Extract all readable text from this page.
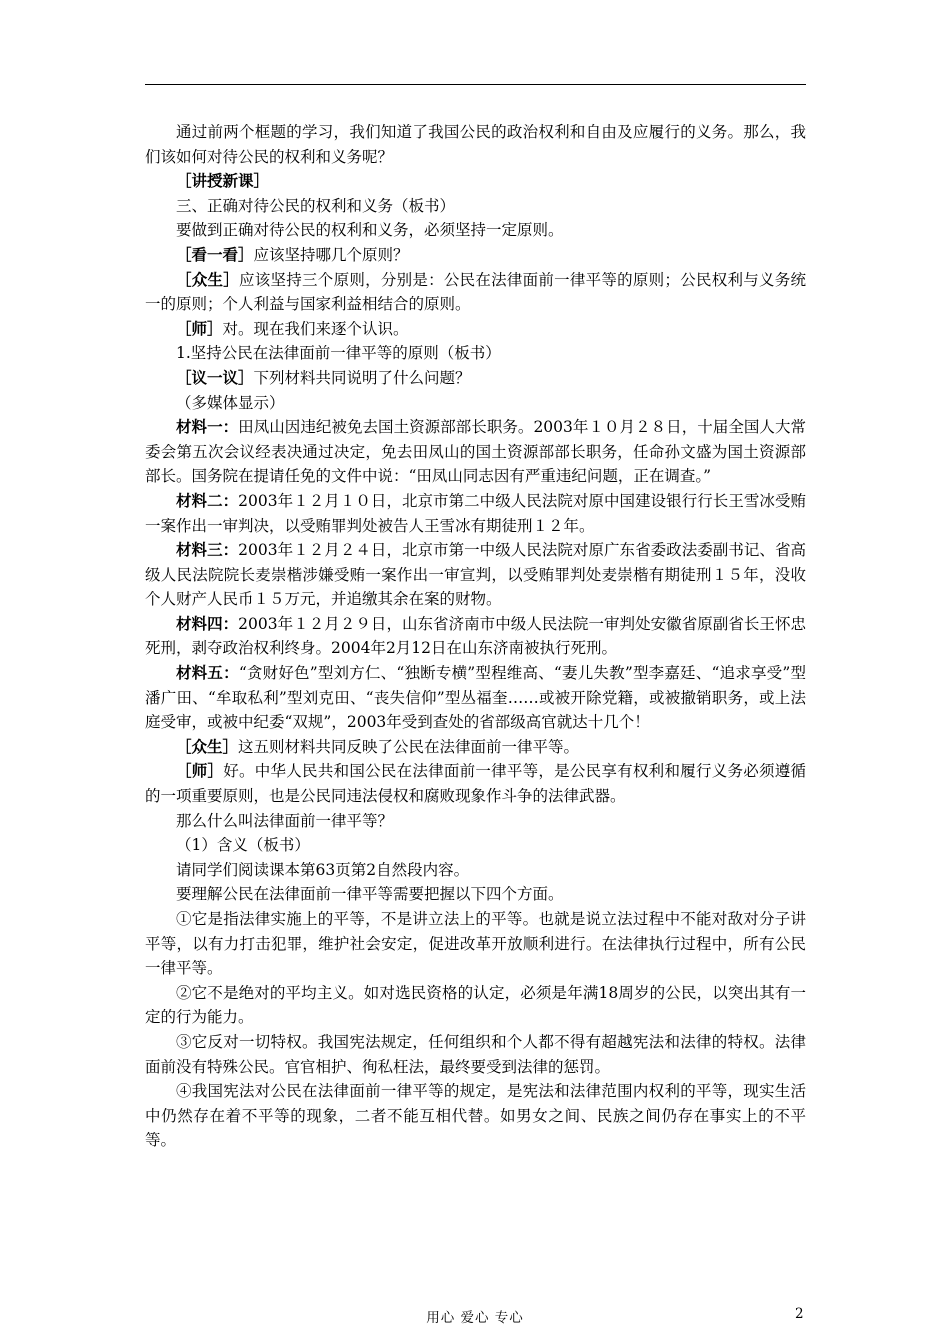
通过前两个框题的学习，我们知道了我国公民的政治权利和自由及应履行的义务。那么，我们该如何对待公民的权利和义务呢？

［讲授新课］

三、正确对待公民的权利和义务（板书）

要做到正确对待公民的权利和义务，必须坚持一定原则。

［看一看］应该坚持哪几个原则？

［众生］应该坚持三个原则，分别是：公民在法律面前一律平等的原则；公民权利与义务统一的原则；个人利益与国家利益相结合的原则。

［师］对。现在我们来逐个认识。

1.坚持公民在法律面前一律平等的原则（板书）

［议一议］下列材料共同说明了什么问题？

（多媒体显示）

材料一：田凤山因违纪被免去国土资源部部长职务。2003年１０月２８日，十届全国人大常委会第五次会议经表决通过决定，免去田凤山的国土资源部部长职务，任命孙文盛为国土资源部部长。国务院在提请任免的文件中说：“田凤山同志因有严重违纪问题，正在调查。”

材料二：2003年１２月１０日，北京市第二中级人民法院对原中国建设银行行长王雪冰受贿一案作出一审判决，以受贿罪判处被告人王雪冰有期徒刑１２年。

材料三：2003年１２月２４日，北京市第一中级人民法院对原广东省委政法委副书记、省高级人民法院院长麦崇楷涉嫌受贿一案作出一审宣判，以受贿罪判处麦崇楷有期徒刑１５年，没收个人财产人民币１５万元，并追缴其余在案的财物。

材料四：2003年１２月２９日，山东省济南市中级人民法院一审判处安徽省原副省长王怀忠死刑，剥夺政治权利终身。2004年2月12日在山东济南被执行死刑。

材料五：“贪财好色”型刘方仁、“独断专横”型程维高、“妻儿失教”型李嘉廷、“追求享受”型潘广田、“牟取私利”型刘克田、“丧失信仰”型丛福奎……或被开除党籍，或被撤销职务，或上法庭受审，或被中纪委“双规”，2003年受到查处的省部级高官就达十几个！

［众生］这五则材料共同反映了公民在法律面前一律平等。

［师］好。中华人民共和国公民在法律面前一律平等，是公民享有权利和履行义务必须遵循的一项重要原则，也是公民同违法侵权和腐败现象作斗争的法律武器。

那么什么叫法律面前一律平等？

（1）含义（板书）

请同学们阅读课本第63页第2自然段内容。

要理解公民在法律面前一律平等需要把握以下四个方面。

①它是指法律实施上的平等，不是讲立法上的平等。也就是说立法过程中不能对敌对分子讲平等，以有力打击犯罪，维护社会安定，促进改革开放顺利进行。在法律执行过程中，所有公民一律平等。

②它不是绝对的平均主义。如对选民资格的认定，必须是年满18周岁的公民，以突出其有一定的行为能力。

③它反对一切特权。我国宪法规定，任何组织和个人都不得有超越宪法和法律的特权。法律面前没有特殊公民。官官相护、徇私枉法，最终要受到法律的惩罚。

④我国宪法对公民在法律面前一律平等的规定，是宪法和法律范围内权利的平等，现实生活中仍然存在着不平等的现象，二者不能互相代替。如男女之间、民族之间仍存在事实上的不平等。

用心 爱心 专心	2
